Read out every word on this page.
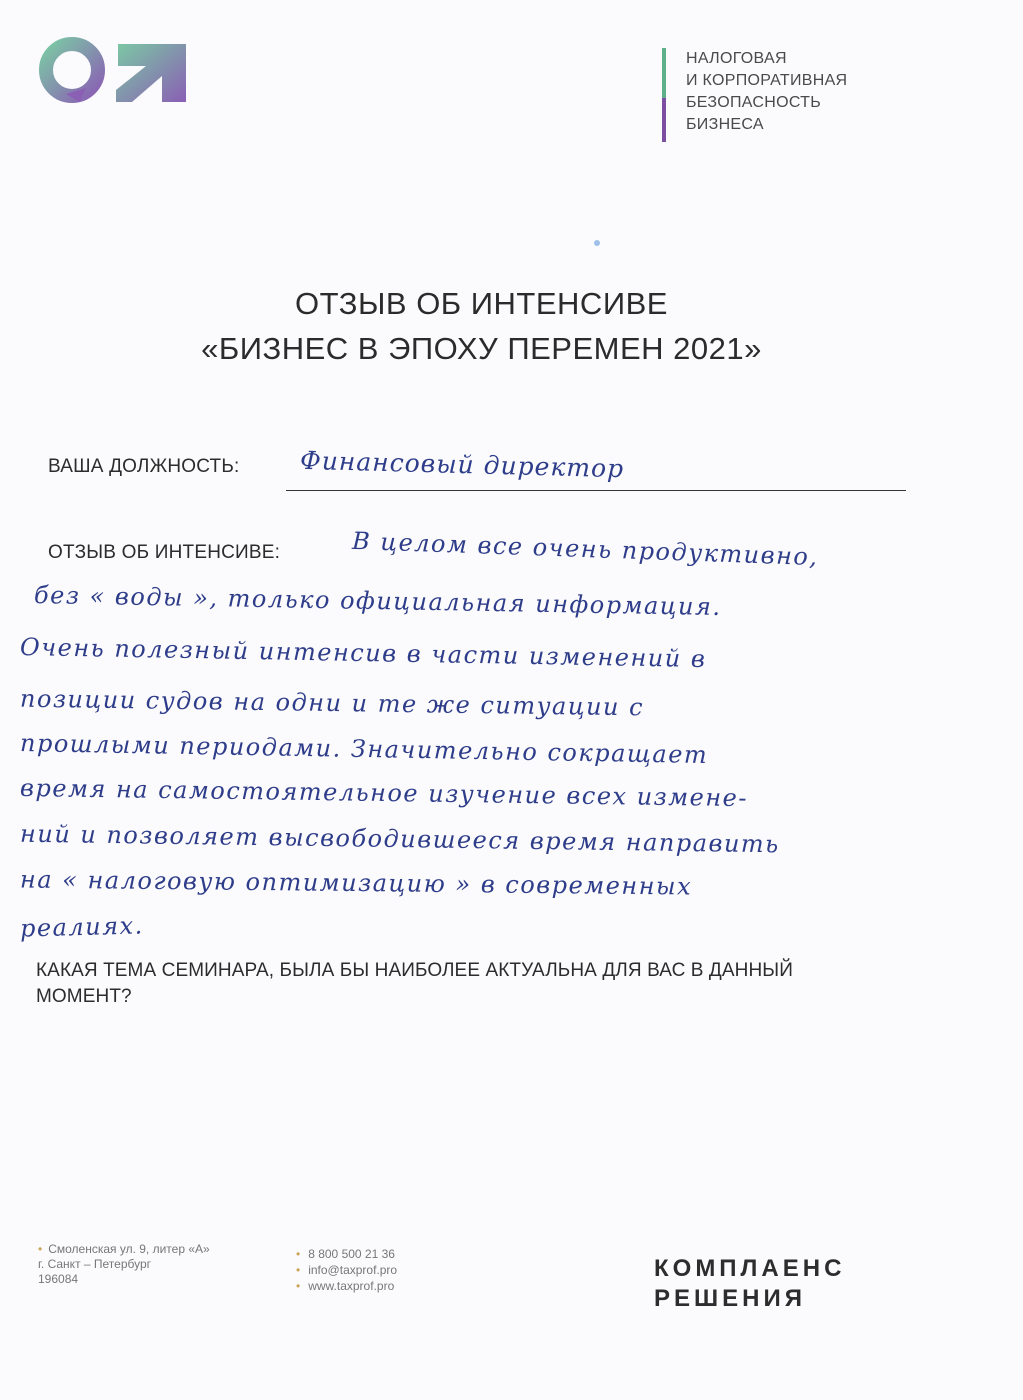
НАЛОГОВАЯ
И КОРПОРАТИВНАЯ
БЕЗОПАСНОСТЬ
БИЗНЕСА
ОТЗЫВ ОБ ИНТЕНСИВЕ
«БИЗНЕС В ЭПОХУ ПЕРЕМЕН 2021»
ВАША ДОЛЖНОСТЬ: Финансовый директор
ОТЗЫВ ОБ ИНТЕНСИВЕ:	В целом все очень продуктивно,
без « воды », только официальная информация.
Очень полезный интенсив в части изменений в
позиции судов на одни и те же ситуации с
прошлыми периодами. Значительно сокращает
время на самостоятельное изучение всех измене-
ний и позволяет высвободившееся время направить
на « налоговую оптимизацию » в современных
реалиях.
КАКАЯ ТЕМА СЕМИНАРА, БЫЛА БЫ НАИБОЛЕЕ АКТУАЛЬНА ДЛЯ ВАС В ДАННЫЙ МОМЕНТ?
• Смоленская ул. 9, литер «А»
г. Санкт – Петербург
196084
• 8 800 500 21 36
• info@taxprof.pro
• www.taxprof.pro
КОМПЛАЕНС
РЕШЕНИЯ
